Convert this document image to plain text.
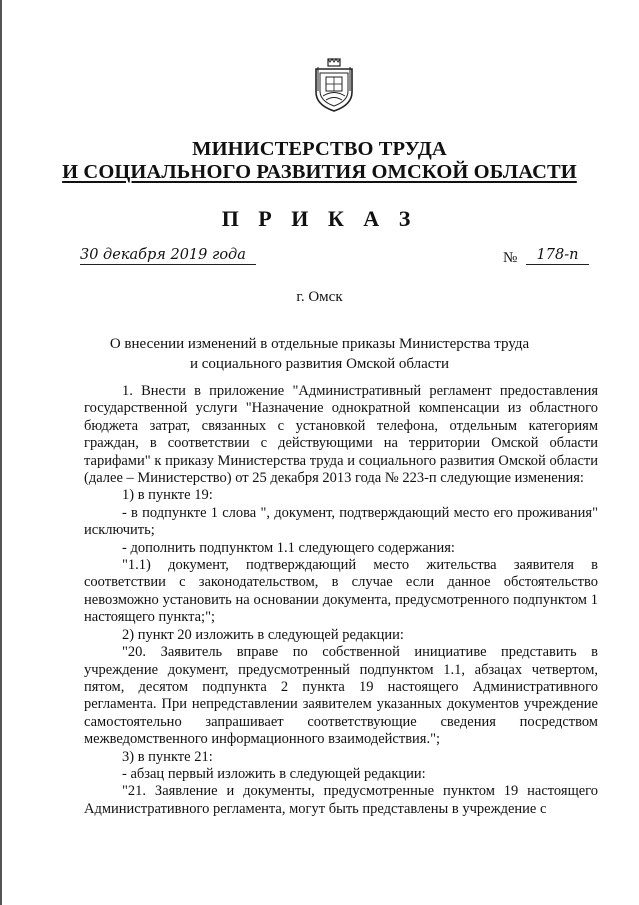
МИНИСТЕРСТВО ТРУДА
И СОЦИАЛЬНОГО РАЗВИТИЯ ОМСКОЙ ОБЛАСТИ
П Р И К А З
30 декабря 2019 года	№	178-п
г. Омск
О внесении изменений в отдельные приказы Министерства труда
и социального развития Омской области

1. Внести в приложение "Административный регламент предоставления государственной услуги "Назначение однократной компенсации из областного бюджета затрат, связанных с установкой телефона, отдельным категориям граждан, в соответствии с действующими на территории Омской области тарифами" к приказу Министерства труда и социального развития Омской области (далее – Министерство) от 25 декабря 2013 года № 223-п следующие изменения:

1) в пункте 19:

- в подпункте 1 слова ", документ, подтверждающий место его проживания" исключить;

- дополнить подпунктом 1.1 следующего содержания:

"1.1) документ, подтверждающий место жительства заявителя в соответствии с законодательством, в случае если данное обстоятельство невозможно установить на основании документа, предусмотренного подпунктом 1 настоящего пункта;";

2) пункт 20 изложить в следующей редакции:

"20. Заявитель вправе по собственной инициативе представить в учреждение документ, предусмотренный подпунктом 1.1, абзацах четвертом, пятом, десятом подпункта 2 пункта 19 настоящего Административного регламента. При непредставлении заявителем указанных документов учреждение самостоятельно запрашивает соответствующие сведения посредством межведомственного информационного взаимодействия.";

3) в пункте 21:

- абзац первый изложить в следующей редакции:

"21. Заявление и документы, предусмотренные пунктом 19 настоящего Административного регламента, могут быть представлены в учреждение с
